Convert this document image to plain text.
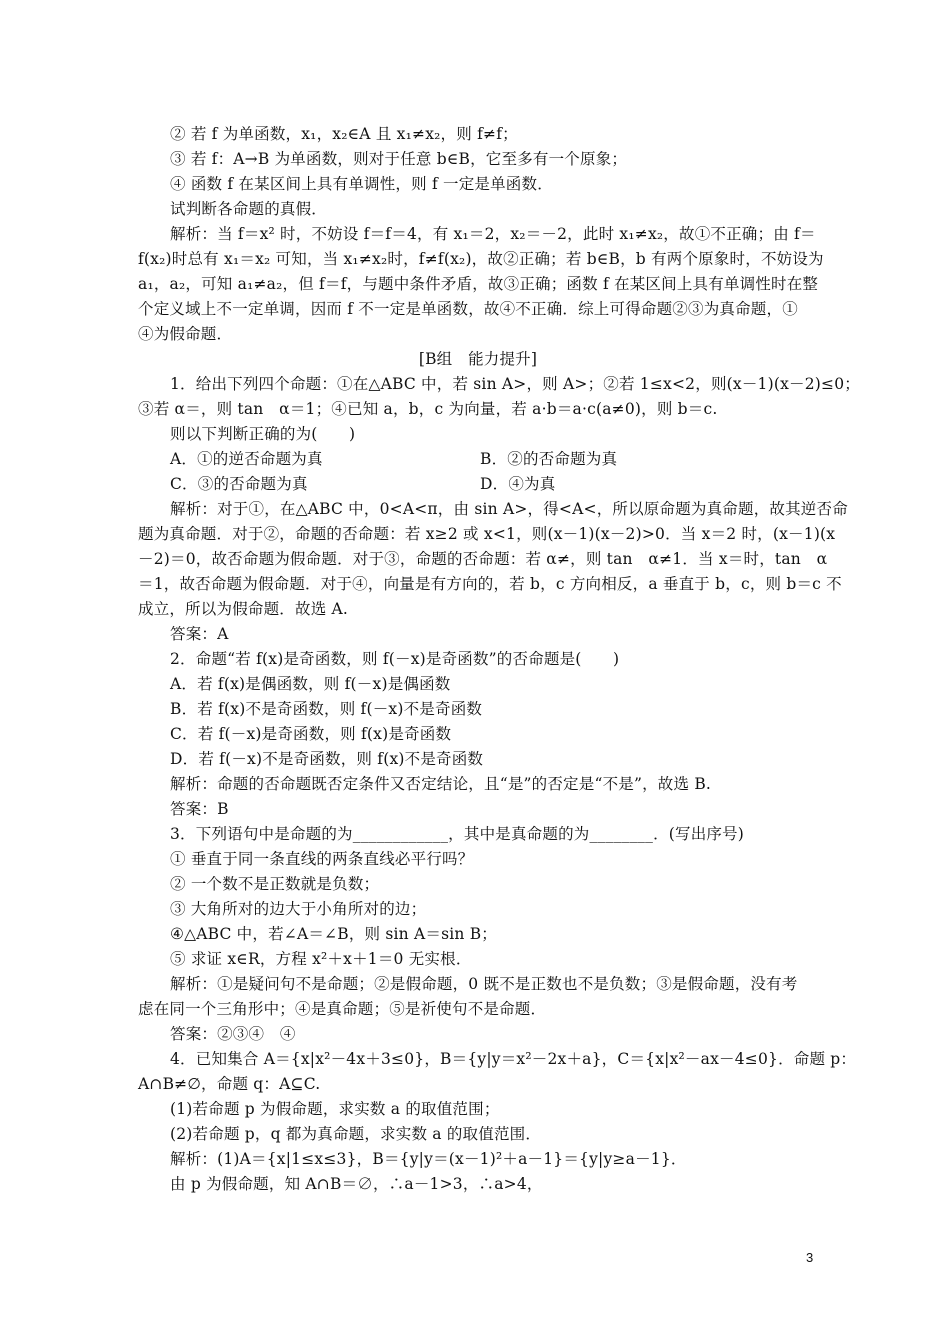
② 若 f 为单函数，x₁，x₂∈A 且 x₁≠x₂，则 f≠f；
③ 若 f：A→B 为单函数，则对于任意 b∈B，它至多有一个原象；
④ 函数 f 在某区间上具有单调性，则 f 一定是单函数．
试判断各命题的真假．
解析：当 f＝x² 时，不妨设 f＝f＝4，有 x₁＝2，x₂＝－2，此时 x₁≠x₂，故①不正确；由 f＝
f(x₂)时总有 x₁＝x₂ 可知，当 x₁≠x₂时，f≠f(x₂)，故②正确；若 b∈B，b 有两个原象时，不妨设为
a₁，a₂，可知 a₁≠a₂，但 f＝f，与题中条件矛盾，故③正确；函数 f 在某区间上具有单调性时在整
个定义域上不一定单调，因而 f 不一定是单函数，故④不正确．综上可得命题②③为真命题，①
④为假命题．
[B组　能力提升]
1．给出下列四个命题：①在△ABC 中，若 sin A>，则 A>；②若 1≤x<2，则(x－1)(x－2)≤0；
③若 α＝，则 tan　α＝1；④已知 a，b，c 为向量，若 a·b＝a·c(a≠0)，则 b＝c.
则以下判断正确的为(　　)
A．①的逆否命题为真	B．②的否命题为真
C．③的否命题为真	D．④为真
解析：对于①，在△ABC 中，0<A<π，由 sin A>，得<A<，所以原命题为真命题，故其逆否命
题为真命题．对于②，命题的否命题：若 x≥2 或 x<1，则(x－1)(x－2)>0．当 x＝2 时，(x－1)(x
－2)＝0，故否命题为假命题．对于③，命题的否命题：若 α≠，则 tan　α≠1．当 x＝时，tan　α
＝1，故否命题为假命题．对于④，向量是有方向的，若 b，c 方向相反，a 垂直于 b，c，则 b＝c 不
成立，所以为假命题．故选 A.
答案：A
2．命题“若 f(x)是奇函数，则 f(－x)是奇函数”的否命题是(　　)
A．若 f(x)是偶函数，则 f(－x)是偶函数
B．若 f(x)不是奇函数，则 f(－x)不是奇函数
C．若 f(－x)是奇函数，则 f(x)是奇函数
D．若 f(－x)不是奇函数，则 f(x)不是奇函数
解析：命题的否命题既否定条件又否定结论，且“是”的否定是“不是”，故选 B.
答案：B
3．下列语句中是命题的为____________，其中是真命题的为________．(写出序号)
① 垂直于同一条直线的两条直线必平行吗？
② 一个数不是正数就是负数；
③ 大角所对的边大于小角所对的边；
④△ABC 中，若∠A＝∠B，则 sin A＝sin B；
⑤ 求证 x∈R，方程 x²＋x＋1＝0 无实根．
解析：①是疑问句不是命题；②是假命题，0 既不是正数也不是负数；③是假命题，没有考
虑在同一个三角形中；④是真命题；⑤是祈使句不是命题．
答案：②③④　④
4．已知集合 A＝{x|x²－4x＋3≤0}，B＝{y|y＝x²－2x＋a}，C＝{x|x²－ax－4≤0}．命题 p：
A∩B≠∅，命题 q：A⊆C.
(1)若命题 p 为假命题，求实数 a 的取值范围；
(2)若命题 p，q 都为真命题，求实数 a 的取值范围．
解析：(1)A＝{x|1≤x≤3}，B＝{y|y＝(x－1)²＋a－1}＝{y|y≥a－1}．
由 p 为假命题，知 A∩B＝∅，∴a－1>3，∴a>4，
3
